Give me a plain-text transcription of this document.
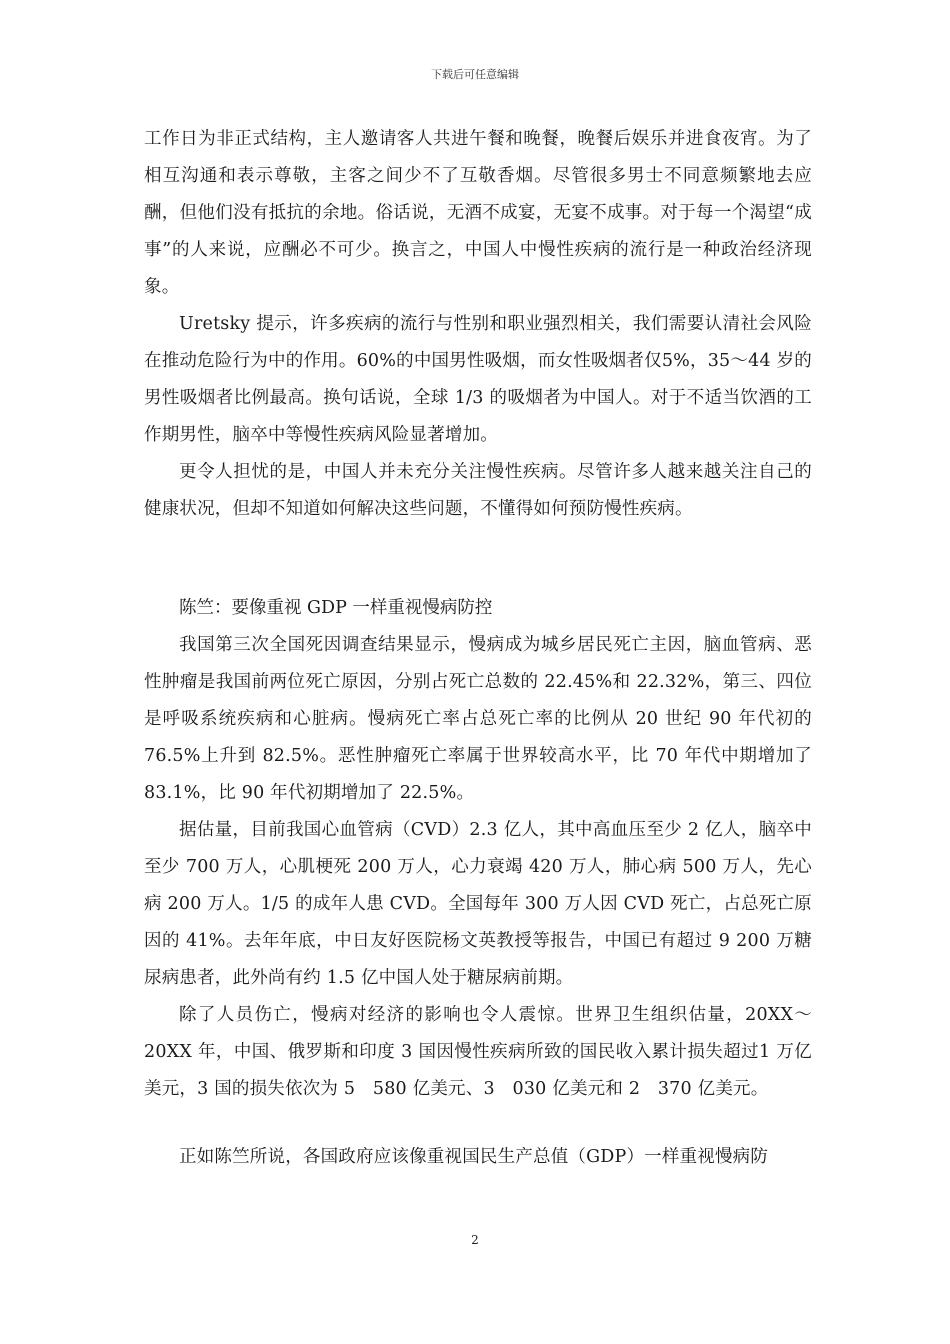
下载后可任意编辑

工作日为非正式结构，主人邀请客人共进午餐和晚餐，晚餐后娱乐并进食夜宵。为了相互沟通和表示尊敬，主客之间少不了互敬香烟。尽管很多男士不同意频繁地去应酬，但他们没有抵抗的余地。俗话说，无酒不成宴，无宴不成事。对于每一个渴望“成事”的人来说，应酬必不可少。换言之，中国人中慢性疾病的流行是一种政治经济现象。

Uretsky 提示，许多疾病的流行与性别和职业强烈相关，我们需要认清社会风险在推动危险行为中的作用。60%的中国男性吸烟，而女性吸烟者仅5%，35～44 岁的男性吸烟者比例最高。换句话说，全球 1/3 的吸烟者为中国人。对于不适当饮酒的工作期男性，脑卒中等慢性疾病风险显著增加。

更令人担忧的是，中国人并未充分关注慢性疾病。尽管许多人越来越关注自己的健康状况，但却不知道如何解决这些问题，不懂得如何预防慢性疾病。

陈竺：要像重视 GDP 一样重视慢病防控

我国第三次全国死因调查结果显示，慢病成为城乡居民死亡主因，脑血管病、恶性肿瘤是我国前两位死亡原因，分别占死亡总数的 22.45%和 22.32%，第三、四位是呼吸系统疾病和心脏病。慢病死亡率占总死亡率的比例从 20 世纪 90 年代初的 76.5%上升到 82.5%。恶性肿瘤死亡率属于世界较高水平，比 70 年代中期增加了 83.1%，比 90 年代初期增加了 22.5%。

据估量，目前我国心血管病（CVD）2.3 亿人，其中高血压至少 2 亿人，脑卒中至少 700 万人，心肌梗死 200 万人，心力衰竭 420 万人，肺心病 500 万人，先心病 200 万人。1/5 的成年人患 CVD。全国每年 300 万人因 CVD 死亡，占总死亡原因的 41%。去年年底，中日友好医院杨文英教授等报告，中国已有超过 9 200 万糖尿病患者，此外尚有约 1.5 亿中国人处于糖尿病前期。

除了人员伤亡，慢病对经济的影响也令人震惊。世界卫生组织估量，20XX～20XX 年，中国、俄罗斯和印度 3 国因慢性疾病所致的国民收入累计损失超过1 万亿美元，3 国的损失依次为 5　580 亿美元、3　030 亿美元和 2　370 亿美元。

正如陈竺所说，各国政府应该像重视国民生产总值（GDP）一样重视慢病防

2
